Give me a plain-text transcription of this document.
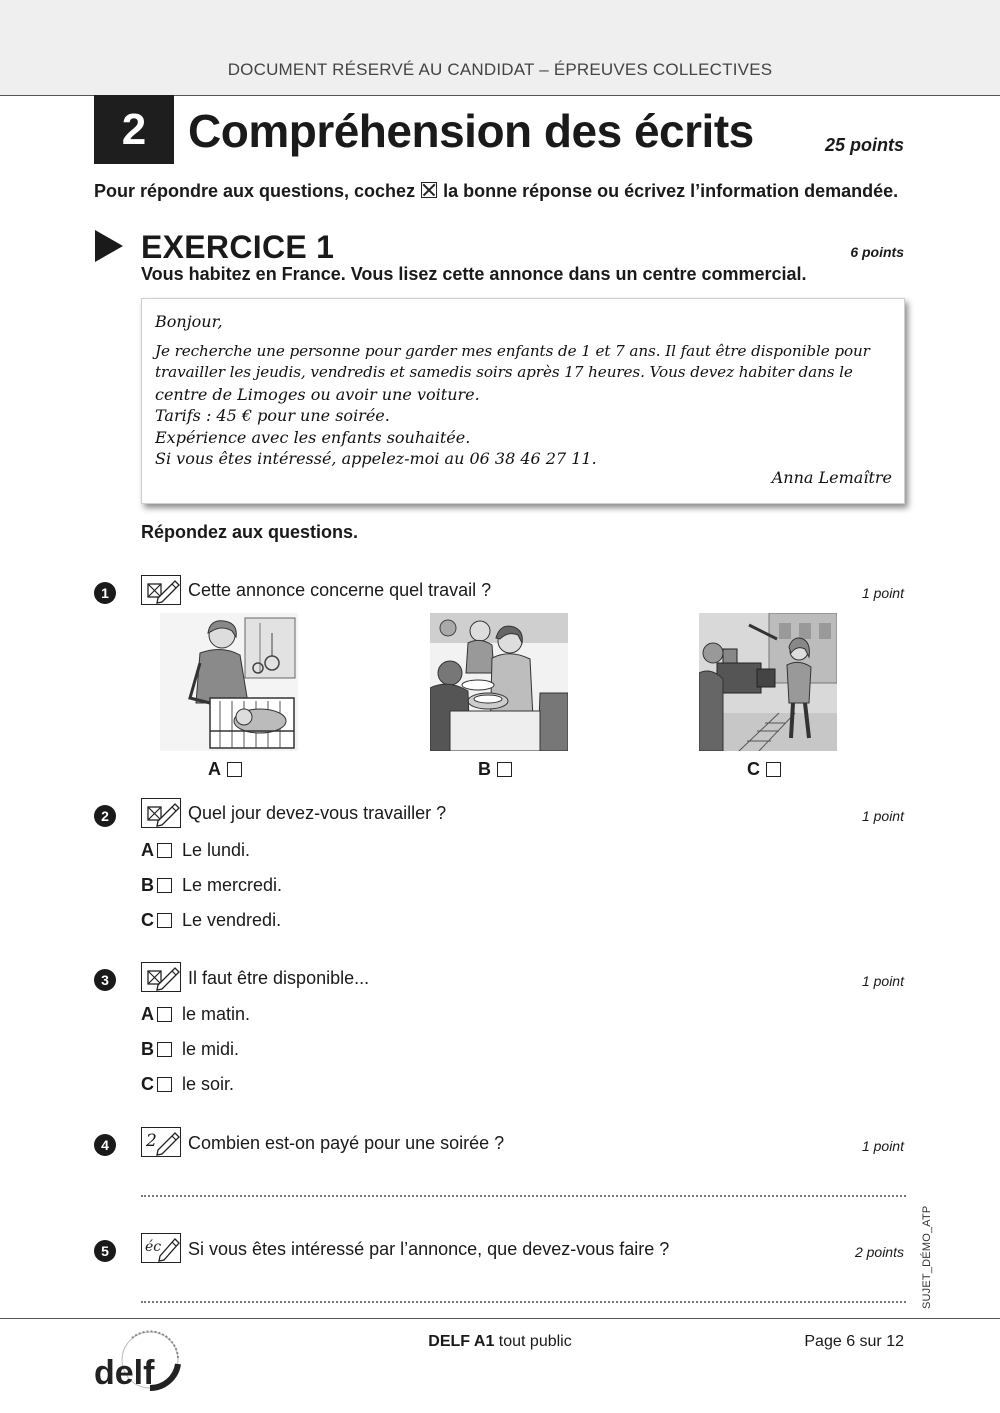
DOCUMENT RÉSERVÉ AU CANDIDAT – ÉPREUVES COLLECTIVES
2 Compréhension des écrits	25 points
Pour répondre aux questions, cochez la bonne réponse ou écrivez l’information demandée.
EXERCICE 1	6 points
Vous habitez en France. Vous lisez cette annonce dans un centre commercial.
Bonjour,
Je recherche une personne pour garder mes enfants de 1 et 7 ans. Il faut être disponible pour
travailler les jeudis, vendredis et samedis soirs après 17 heures. Vous devez habiter dans le
centre de Limoges ou avoir une voiture.
Tarifs : 45 € pour une soirée.
Expérience avec les enfants souhaitée.
Si vous êtes intéressé, appelez-moi au 06 38 46 27 11.
Anna Lemaître
Répondez aux questions.
1	Cette annonce concerne quel travail ?	1 point
A	B	C
2	Quel jour devez-vous travailler ?	1 point
A Le lundi.
B Le mercredi.
C Le vendredi.
3	Il faut être disponible...	1 point
A le matin.
B le midi.
C le soir.
4	2 Combien est-on payé pour une soirée ?	1 point
5	éc Si vous êtes intéressé par l’annonce, que devez-vous faire ?	2 points SUJET_DÉMO_ATP
delf
DELF A1 tout public	Page 6 sur 12
